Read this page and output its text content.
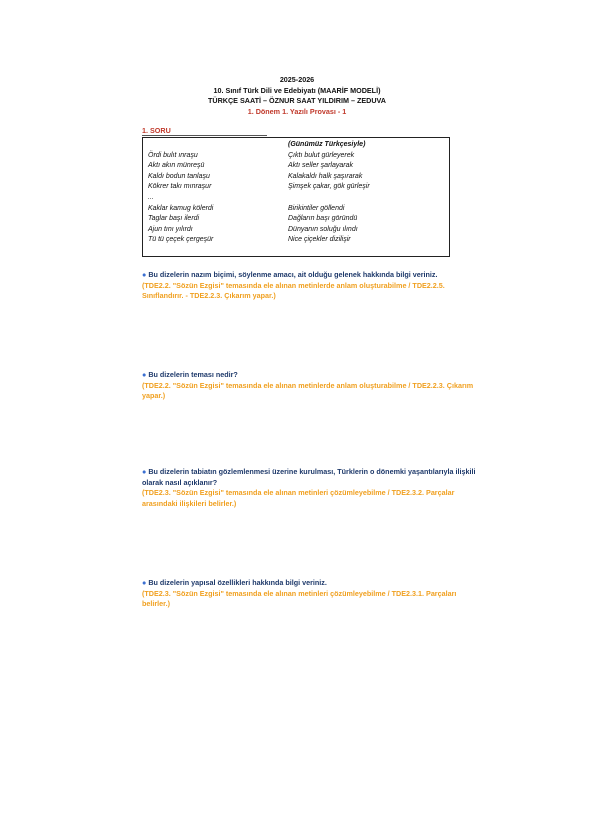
2025-2026
10. Sınıf Türk Dili ve Edebiyatı (MAARİF MODELİ)
TÜRKÇE SAATİ – ÖZNUR SAAT YILDIRIM – ZEDUVA
1. Dönem 1. Yazılı Provası - 1
1. SORU
Ördi bulıt ınraşu
Aktı akın münreşü
Kaldı bodun tanlaşu
Kökrer takı mınraşur
...
Kaklar kamug kölerdi
Taglar başı ilerdi
Ajun tını yılırdı
Tü tü çeçek çergeşür
(Günümüz Türkçesiyle)
Çıktı bulut gürleyerek
Aktı seller şarlayarak
Kalakaldı halk şaşırarak
Şimşek çakar, gök gürleşir
Birikintiler göllendi
Dağların başı göründü
Dünyanın soluğu ılındı
Nice çiçekler dizilişir
● Bu dizelerin nazım biçimi, söylenme amacı, ait olduğu gelenek hakkında bilgi veriniz.
(TDE2.2. "Sözün Ezgisi" temasında ele alınan metinlerde anlam oluşturabilme / TDE2.2.5. Sınıflandırır. - TDE2.2.3. Çıkarım yapar.)
● Bu dizelerin teması nedir?
(TDE2.2. "Sözün Ezgisi" temasında ele alınan metinlerde anlam oluşturabilme / TDE2.2.3. Çıkarım yapar.)
● Bu dizelerin tabiatın gözlemlenmesi üzerine kurulması, Türklerin o dönemki yaşantılarıyla ilişkili olarak nasıl açıklanır?
(TDE2.3. "Sözün Ezgisi" temasında ele alınan metinleri çözümleyebilme / TDE2.3.2. Parçalar arasındaki ilişkileri belirler.)
● Bu dizelerin yapısal özellikleri hakkında bilgi veriniz.
(TDE2.3. "Sözün Ezgisi" temasında ele alınan metinleri çözümleyebilme / TDE2.3.1. Parçaları belirler.)
